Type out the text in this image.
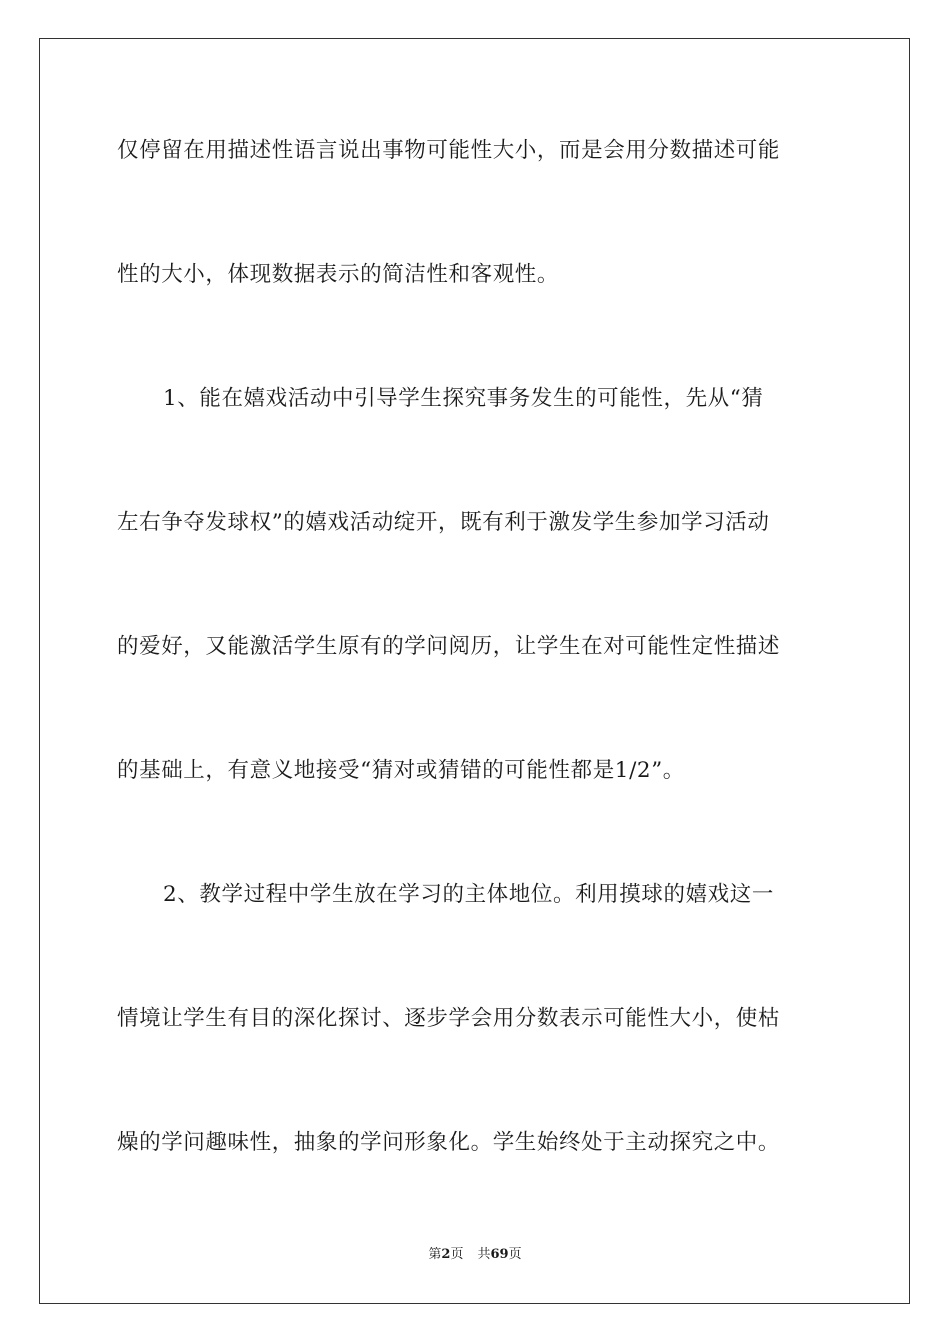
仅停留在用描述性语言说出事物可能性大小，而是会用分数描述可能
性的大小，体现数据表示的简洁性和客观性。
1、能在嬉戏活动中引导学生探究事务发生的可能性，先从“猜
左右争夺发球权”的嬉戏活动绽开，既有利于激发学生参加学习活动
的爱好，又能激活学生原有的学问阅历，让学生在对可能性定性描述
的基础上，有意义地接受“猜对或猜错的可能性都是1/2”。
2、教学过程中学生放在学习的主体地位。利用摸球的嬉戏这一
情境让学生有目的深化探讨、逐步学会用分数表示可能性大小，使枯
燥的学问趣味性，抽象的学问形象化。学生始终处于主动探究之中。
第2页 共69页
